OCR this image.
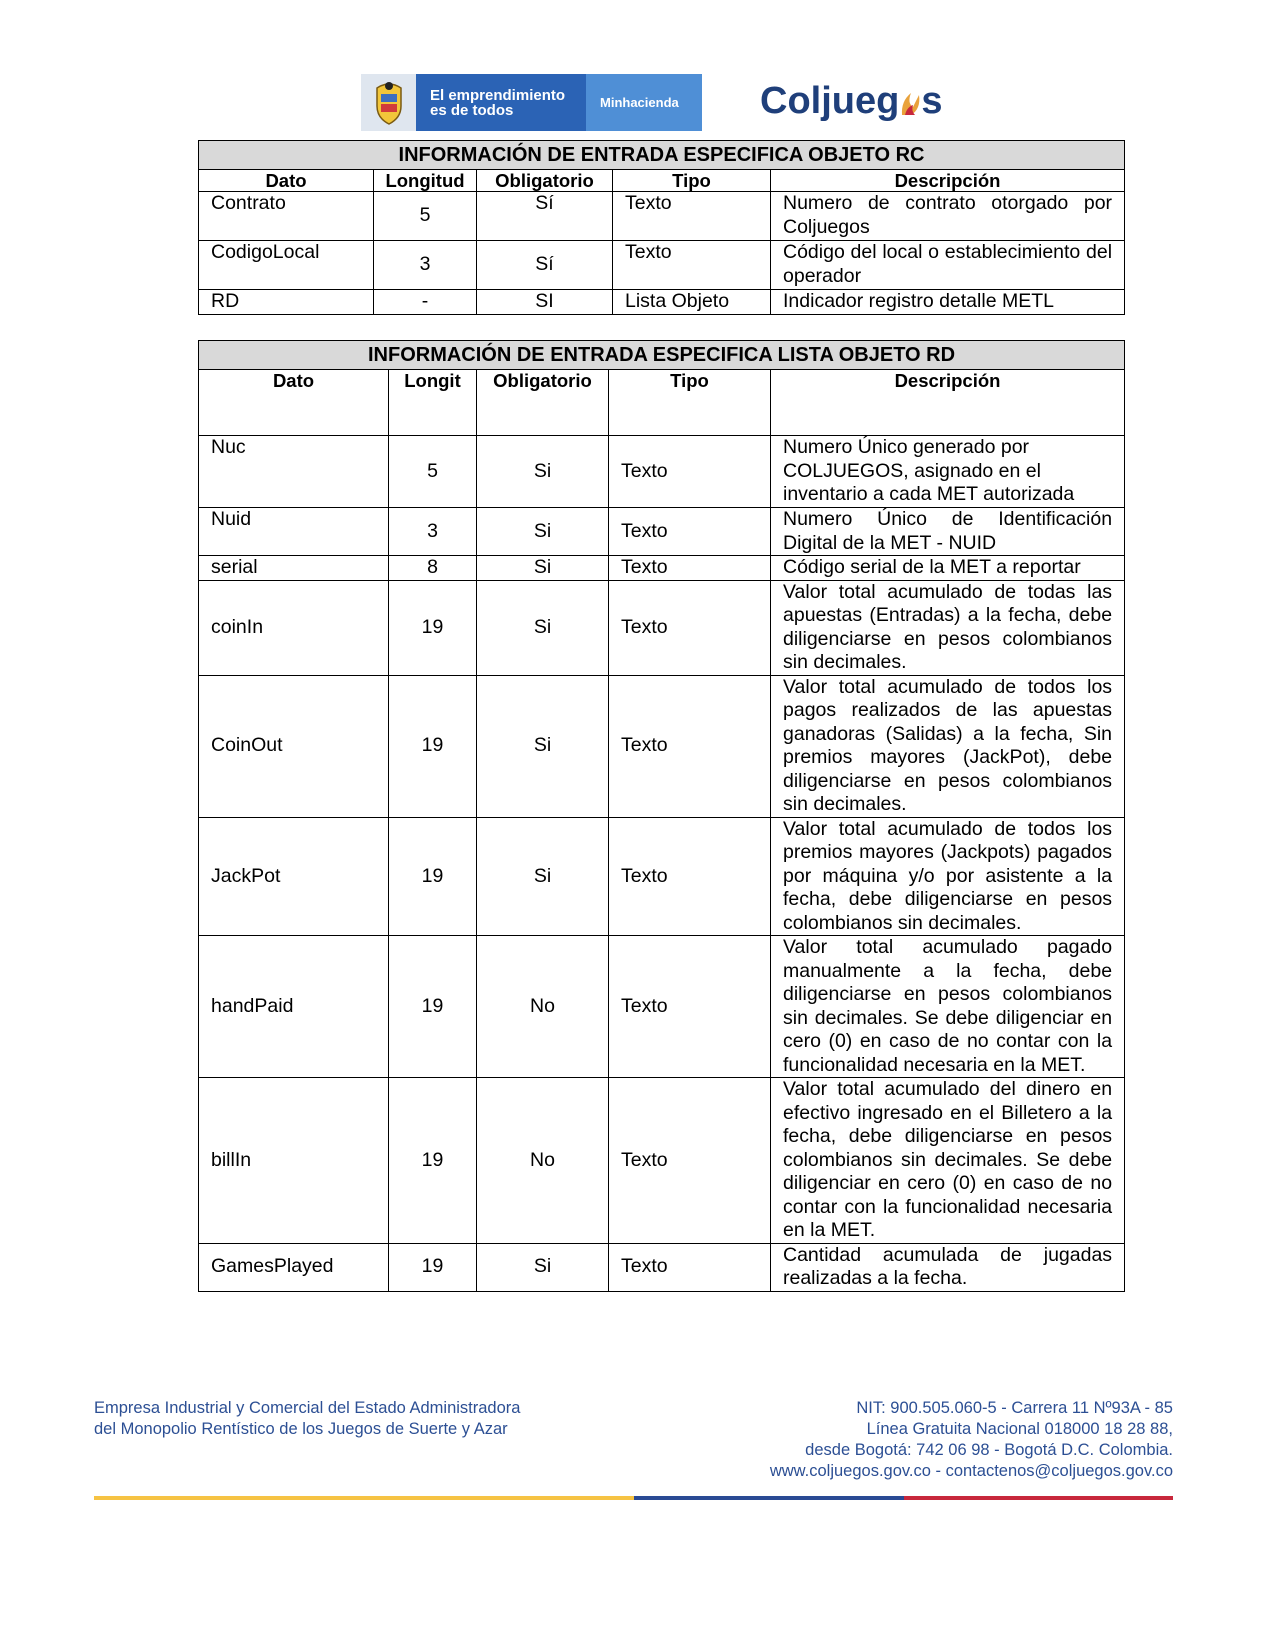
El emprendimiento
es de todos	Minhacienda Coljueg s
INFORMACIÓN DE ENTRADA ESPECIFICA OBJETO RC				
Dato	Longitud	Obligatorio	Tipo	Descripción
Contrato	5	Sí	Texto	Numero de contrato otorgado por Coljuegos
CodigoLocal	3	Sí	Texto	Código del local o establecimiento del operador
RD	-	SI	Lista Objeto	Indicador registro detalle METL
INFORMACIÓN DE ENTRADA ESPECIFICA LISTA OBJETO RD				
Dato	Longit	Obligatorio	Tipo	Descripción
Nuc	5	Si	Texto	Numero Único generado por COLJUEGOS, asignado en el inventario a cada MET autorizada
Nuid	3	Si	Texto	Numero Único de Identificación Digital de la MET - NUID
serial	8	Si	Texto	Código serial de la MET a reportar
coinIn	19	Si	Texto	Valor total acumulado de todas las apuestas (Entradas) a la fecha, debe diligenciarse en pesos colombianos sin decimales.
CoinOut	19	Si	Texto	Valor total acumulado de todos los pagos realizados de las apuestas ganadoras (Salidas) a la fecha, Sin premios mayores (JackPot), debe diligenciarse en pesos colombianos sin decimales.
JackPot	19	Si	Texto	Valor total acumulado de todos los premios mayores (Jackpots) pagados por máquina y/o por asistente a la fecha, debe diligenciarse en pesos colombianos sin decimales.
handPaid	19	No	Texto	Valor total acumulado pagado manualmente a la fecha, debe diligenciarse en pesos colombianos sin decimales. Se debe diligenciar en cero (0) en caso de no contar con la funcionalidad necesaria en la MET.
billIn	19	No	Texto	Valor total acumulado del dinero en efectivo ingresado en el Billetero a la fecha, debe diligenciarse en pesos colombianos sin decimales. Se debe diligenciar en cero (0) en caso de no contar con la funcionalidad necesaria en la MET.
GamesPlayed	19	Si	Texto	Cantidad acumulada de jugadas realizadas a la fecha.
Empresa Industrial y Comercial del Estado Administradora
del Monopolio Rentístico de los Juegos de Suerte y Azar
NIT: 900.505.060-5 - Carrera 11 Nº93A - 85
Línea Gratuita Nacional 018000 18 28 88,
desde Bogotá: 742 06 98 - Bogotá D.C. Colombia.
www.coljuegos.gov.co - contactenos@coljuegos.gov.co
